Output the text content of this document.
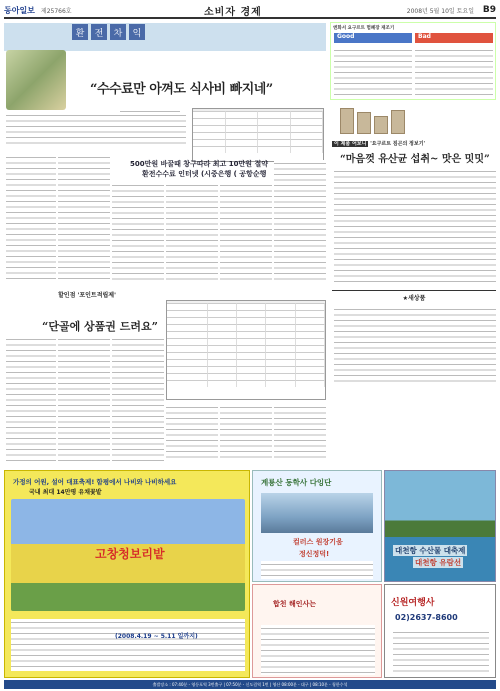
동아일보 제25766호	소비자 경제	2008년 5월 10일 토요일 B9
환	전	차	익
“수수료만 아껴도 식사비 빠지네”
500만원 바꿀때 창구따라 최고 10만원 절약
환전수수료 인터넷 (시중은행 ( 공항순행
엔화서 요구르트 험폐장 재조기
Good	Bad
이 제품 어보니 '요구르트 짐곤의 정보기'
“마음껏 유산균 섭취~ 맛은 밋밋”
★새상품
할인점 '포인트적립제'
“단골에 상품권 드려요”
가정의 어원, 설어 대표축제! 함평에서 나비와 나비하세요
국내 최대 14만평 유채꽃밭
고창청보리밭
(2008.4.19 ~ 5.11 일까지)
계룡산 동학사 다잉단
컬러스 원장기움
정신정덕!	대천항 수산물 대축제
대천항 유람선
합천 해인사는	신원여행사
02)2637-8600
출발장소 : 07:40분 - 영등포역 3번출구 | 07:50분 - 신도림역 1번 | 영산 08:00분 - 대구 | 08:10분 - 청한수석
